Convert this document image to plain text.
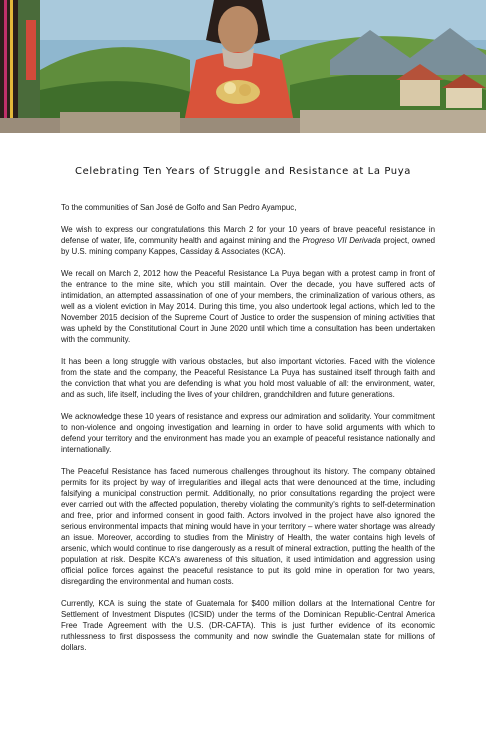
Celebrating Ten Years of Struggle and Resistance at La Puya

To the communities of San José de Golfo and San Pedro Ayampuc,

We wish to express our congratulations this March 2 for your 10 years of brave peaceful resistance in defense of water, life, community health and against mining and the Progreso VII Derivada project, owned by U.S. mining company Kappes, Cassiday & Associates (KCA).

We recall on March 2, 2012 how the Peaceful Resistance La Puya began with a protest camp in front of the entrance to the mine site, which you still maintain. Over the decade, you have suffered acts of intimidation, an attempted assassination of one of your members, the criminalization of various others, as well as a violent eviction in May 2014. During this time, you also undertook legal actions, which led to the November 2015 decision of the Supreme Court of Justice to order the suspension of mining activities that was upheld by the Constitutional Court in June 2020 until which time a consultation has been undertaken with the community.

It has been a long struggle with various obstacles, but also important victories. Faced with the violence from the state and the company, the Peaceful Resistance La Puya has sustained itself through faith and the conviction that what you are defending is what you hold most valuable of all: the environment, water, and as such, life itself, including the lives of your children, grandchildren and future generations.

We acknowledge these 10 years of resistance and express our admiration and solidarity. Your commitment to non-violence and ongoing investigation and learning in order to have solid arguments with which to defend your territory and the environment has made you an example of peaceful resistance nationally and internationally.

The Peaceful Resistance has faced numerous challenges throughout its history. The company obtained permits for its project by way of irregularities and illegal acts that were denounced at the time, including falsifying a municipal construction permit. Additionally, no prior consultations regarding the project were ever carried out with the affected population, thereby violating the community's rights to self-determination and free, prior and informed consent in good faith. Actors involved in the project have also ignored the serious environmental impacts that mining would have in your territory – where water shortage was already an issue. Moreover, according to studies from the Ministry of Health, the water contains high levels of arsenic, which would continue to rise dangerously as a result of mineral extraction, putting the health of the population at risk. Despite KCA's awareness of this situation, it used intimidation and aggression using official police forces against the peaceful resistance to put its gold mine in operation for two years, disregarding the environmental and human costs.

Currently, KCA is suing the state of Guatemala for $400 million dollars at the International Centre for Settlement of Investment Disputes (ICSID) under the terms of the Dominican Republic-Central America Free Trade Agreement with the U.S. (DR-CAFTA). This is just further evidence of its economic ruthlessness to first dispossess the community and now swindle the Guatemalan state for millions of dollars.
